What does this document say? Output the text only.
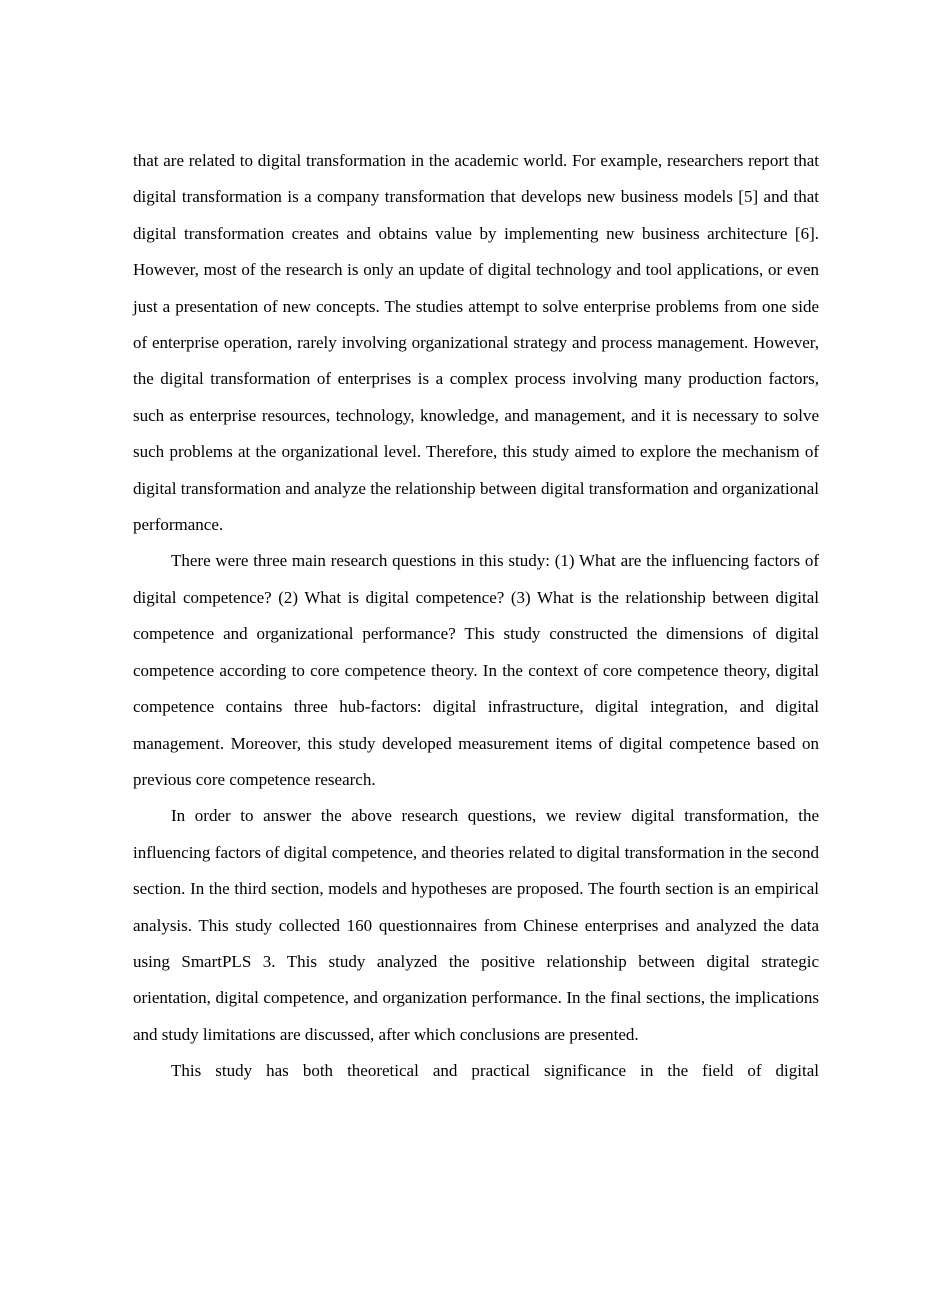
that are related to digital transformation in the academic world. For example, researchers report that digital transformation is a company transformation that develops new business models [5] and that digital transformation creates and obtains value by implementing new business architecture [6]. However, most of the research is only an update of digital technology and tool applications, or even just a presentation of new concepts. The studies attempt to solve enterprise problems from one side of enterprise operation, rarely involving organizational strategy and process management. However, the digital transformation of enterprises is a complex process involving many production factors, such as enterprise resources, technology, knowledge, and management, and it is necessary to solve such problems at the organizational level. Therefore, this study aimed to explore the mechanism of digital transformation and analyze the relationship between digital transformation and organizational performance.

There were three main research questions in this study: (1) What are the influencing factors of digital competence? (2) What is digital competence? (3) What is the relationship between digital competence and organizational performance? This study constructed the dimensions of digital competence according to core competence theory. In the context of core competence theory, digital competence contains three hub-factors: digital infrastructure, digital integration, and digital management. Moreover, this study developed measurement items of digital competence based on previous core competence research.

In order to answer the above research questions, we review digital transformation, the influencing factors of digital competence, and theories related to digital transformation in the second section. In the third section, models and hypotheses are proposed. The fourth section is an empirical analysis. This study collected 160 questionnaires from Chinese enterprises and analyzed the data using SmartPLS 3. This study analyzed the positive relationship between digital strategic orientation, digital competence, and organization performance. In the final sections, the implications and study limitations are discussed, after which conclusions are presented.

This study has both theoretical and practical significance in the field of digital
